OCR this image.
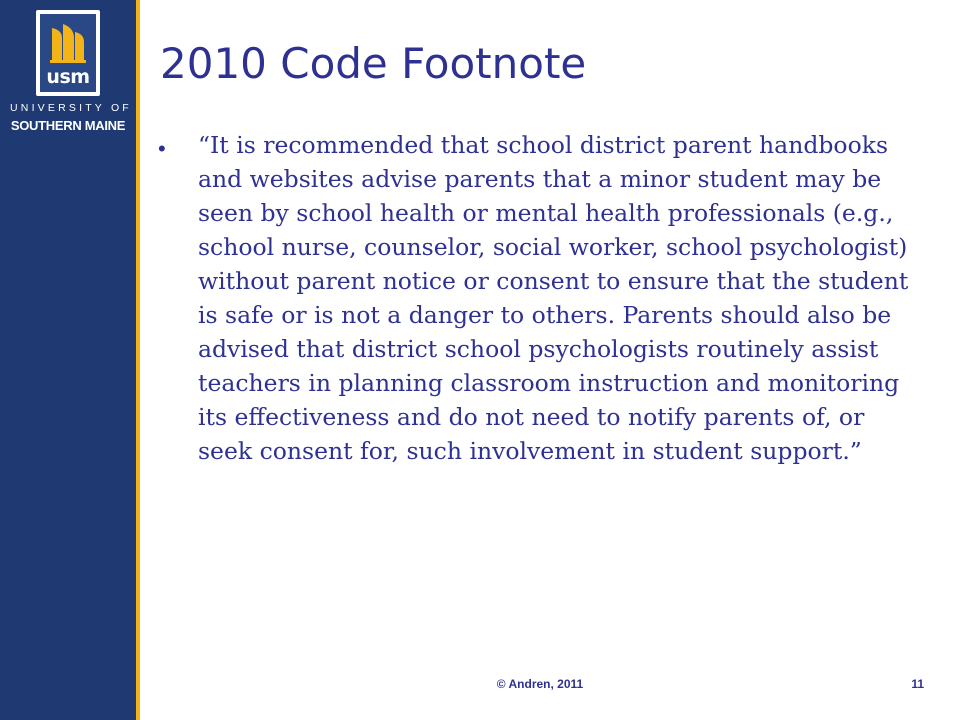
usm
UNIVERSITY OF
SOUTHERN MAINE
2010 Code Footnote
•	“It is recommended that school district parent handbooks and websites advise parents that a minor student may be seen by school health or mental health professionals (e.g., school nurse, counselor, social worker, school psychologist) without parent notice or consent to ensure that the student is safe or is not a danger to others. Parents should also be advised that district school psychologists routinely assist teachers in planning classroom instruction and monitoring its effectiveness and do not need to notify parents of, or seek consent for, such involvement in student support.”

© Andren, 2011	11
